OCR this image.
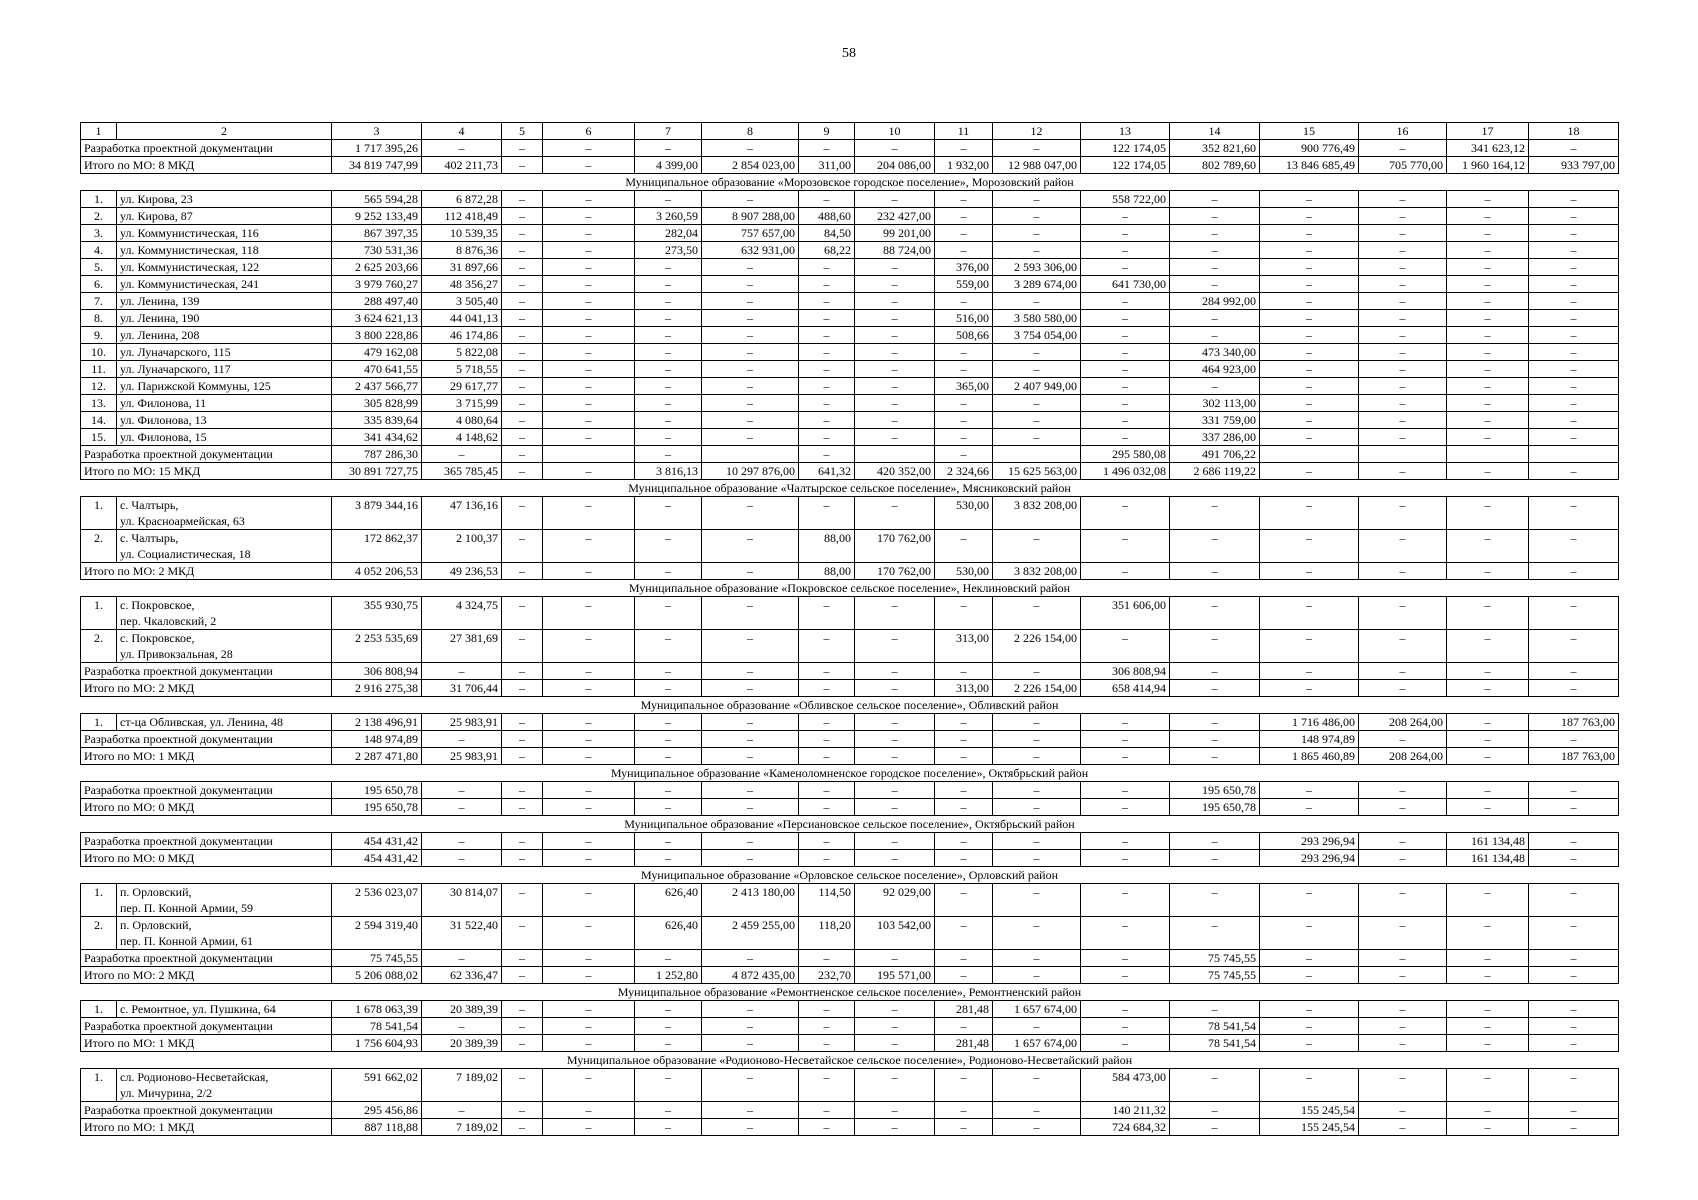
58
1	2	3	4	5	6	7	8	9	10	11	12	13	14	15	16	17	18
Разработка проектной документации		1 717 395,26	–	–	–	–	–	–	–	–	–	122 174,05	352 821,60	900 776,49	–	341 623,12	–
Итого по МО: 8 МКД		34 819 747,99	402 211,73	–	–	4 399,00	2 854 023,00	311,00	204 086,00	1 932,00	12 988 047,00	122 174,05	802 789,60	13 846 685,49	705 770,00	1 960 164,12	933 797,00
Муниципальное образование «Морозовское городское поселение», Морозовский район																	
1.	ул. Кирова, 23	565 594,28	6 872,28	–	–	–	–	–	–	–	–	558 722,00	–	–	–	–	–
2.	ул. Кирова, 87	9 252 133,49	112 418,49	–	–	3 260,59	8 907 288,00	488,60	232 427,00	–	–	–	–	–	–	–	–
3.	ул. Коммунистическая, 116	867 397,35	10 539,35	–	–	282,04	757 657,00	84,50	99 201,00	–	–	–	–	–	–	–	–
4.	ул. Коммунистическая, 118	730 531,36	8 876,36	–	–	273,50	632 931,00	68,22	88 724,00	–	–	–	–	–	–	–	–
5.	ул. Коммунистическая, 122	2 625 203,66	31 897,66	–	–	–	–	–	–	376,00	2 593 306,00	–	–	–	–	–	–
6.	ул. Коммунистическая, 241	3 979 760,27	48 356,27	–	–	–	–	–	–	559,00	3 289 674,00	641 730,00	–	–	–	–	–
7.	ул. Ленина, 139	288 497,40	3 505,40	–	–	–	–	–	–	–	–	–	284 992,00	–	–	–	–
8.	ул. Ленина, 190	3 624 621,13	44 041,13	–	–	–	–	–	–	516,00	3 580 580,00	–	–	–	–	–	–
9.	ул. Ленина, 208	3 800 228,86	46 174,86	–	–	–	–	–	–	508,66	3 754 054,00	–	–	–	–	–	–
10.	ул. Луначарского, 115	479 162,08	5 822,08	–	–	–	–	–	–	–	–	–	473 340,00	–	–	–	–
11.	ул. Луначарского, 117	470 641,55	5 718,55	–	–	–	–	–	–	–	–	–	464 923,00	–	–	–	–
12.	ул. Парижской Коммуны, 125	2 437 566,77	29 617,77	–	–	–	–	–	–	365,00	2 407 949,00	–	–	–	–	–	–
13.	ул. Филонова, 11	305 828,99	3 715,99	–	–	–	–	–	–	–	–	–	302 113,00	–	–	–	–
14.	ул. Филонова, 13	335 839,64	4 080,64	–	–	–	–	–	–	–	–	–	331 759,00	–	–	–	–
15.	ул. Филонова, 15	341 434,62	4 148,62	–	–	–	–	–	–	–	–	–	337 286,00	–	–	–	–
Разработка проектной документации		787 286,30	–	–		–		–		–		295 580,08	491 706,22				
Итого по МО: 15 МКД		30 891 727,75	365 785,45	–	–	3 816,13	10 297 876,00	641,32	420 352,00	2 324,66	15 625 563,00	1 496 032,08	2 686 119,22	–	–	–	–
Муниципальное образование «Чалтырское сельское поселение», Мясниковский район																	
1.	с. Чалтырь,
ул. Красноармейская, 63	3 879 344,16	47 136,16	–	–	–	–	–	–	530,00	3 832 208,00	–	–	–	–	–	–
2.	с. Чалтырь,
ул. Социалистическая, 18	172 862,37	2 100,37	–	–	–	–	88,00	170 762,00	–	–	–	–	–	–	–	–
Итого по МО: 2 МКД		4 052 206,53	49 236,53	–	–	–	–	88,00	170 762,00	530,00	3 832 208,00	–	–	–	–	–	–
Муниципальное образование «Покровское сельское поселение», Неклиновский район																	
1.	с. Покровское,
пер. Чкаловский, 2	355 930,75	4 324,75	–	–	–	–	–	–	–	–	351 606,00	–	–	–	–	–
2.	с. Покровское,
ул. Привокзальная, 28	2 253 535,69	27 381,69	–	–	–	–	–	–	313,00	2 226 154,00	–	–	–	–	–	–
Разработка проектной документации		306 808,94	–	–	–	–	–	–	–	–	–	306 808,94	–	–	–	–	–
Итого по МО: 2 МКД		2 916 275,38	31 706,44	–	–	–	–	–	–	313,00	2 226 154,00	658 414,94	–	–	–	–	–
Муниципальное образование «Обливское сельское поселение», Обливский район																	
1.	ст-ца Обливская, ул. Ленина, 48	2 138 496,91	25 983,91	–	–	–	–	–	–	–	–	–	–	1 716 486,00	208 264,00	–	187 763,00
Разработка проектной документации		148 974,89	–	–	–	–	–	–	–	–	–	–	–	148 974,89	–	–	–
Итого по МО: 1 МКД		2 287 471,80	25 983,91	–	–	–	–	–	–	–	–	–	–	1 865 460,89	208 264,00	–	187 763,00
Муниципальное образование «Каменоломненское городское поселение», Октябрьский район																	
Разработка проектной документации		195 650,78	–	–	–	–	–	–	–	–	–	–	195 650,78	–	–	–	–
Итого по МО: 0 МКД		195 650,78	–	–	–	–	–	–	–	–	–	–	195 650,78	–	–	–	–
Муниципальное образование «Персиановское сельское поселение», Октябрьский район																	
Разработка проектной документации		454 431,42	–	–	–	–	–	–	–	–	–	–	–	293 296,94	–	161 134,48	–
Итого по МО: 0 МКД		454 431,42	–	–	–	–	–	–	–	–	–	–	–	293 296,94	–	161 134,48	–
Муниципальное образование «Орловское сельское поселение», Орловский район																	
1.	п. Орловский,
пер. П. Конной Армии, 59	2 536 023,07	30 814,07	–	–	626,40	2 413 180,00	114,50	92 029,00	–	–	–	–	–	–	–	–
2.	п. Орловский,
пер. П. Конной Армии, 61	2 594 319,40	31 522,40	–	–	626,40	2 459 255,00	118,20	103 542,00	–	–	–	–	–	–	–	–
Разработка проектной документации		75 745,55	–	–	–	–	–	–	–	–	–	–	75 745,55	–	–	–	–
Итого по МО: 2 МКД		5 206 088,02	62 336,47	–	–	1 252,80	4 872 435,00	232,70	195 571,00	–	–	–	75 745,55	–	–	–	–
Муниципальное образование «Ремонтненское сельское поселение», Ремонтненский район																	
1.	с. Ремонтное, ул. Пушкина, 64	1 678 063,39	20 389,39	–	–	–	–	–	–	281,48	1 657 674,00	–	–	–	–	–	–
Разработка проектной документации		78 541,54	–	–	–	–	–	–	–	–	–	–	78 541,54	–	–	–	–
Итого по МО: 1 МКД		1 756 604,93	20 389,39	–	–	–	–	–	–	281,48	1 657 674,00	–	78 541,54	–	–	–	–
Муниципальное образование «Родионово-Несветайское сельское поселение», Родионово-Несветайский район																	
1.	сл. Родионово-Несветайская,
ул. Мичурина, 2/2	591 662,02	7 189,02	–	–	–	–	–	–	–	–	584 473,00	–	–	–	–	–
Разработка проектной документации		295 456,86	–	–	–	–	–	–	–	–	–	140 211,32	–	155 245,54	–	–	–
Итого по МО: 1 МКД		887 118,88	7 189,02	–	–	–	–	–	–	–	–	724 684,32	–	155 245,54	–	–	–
